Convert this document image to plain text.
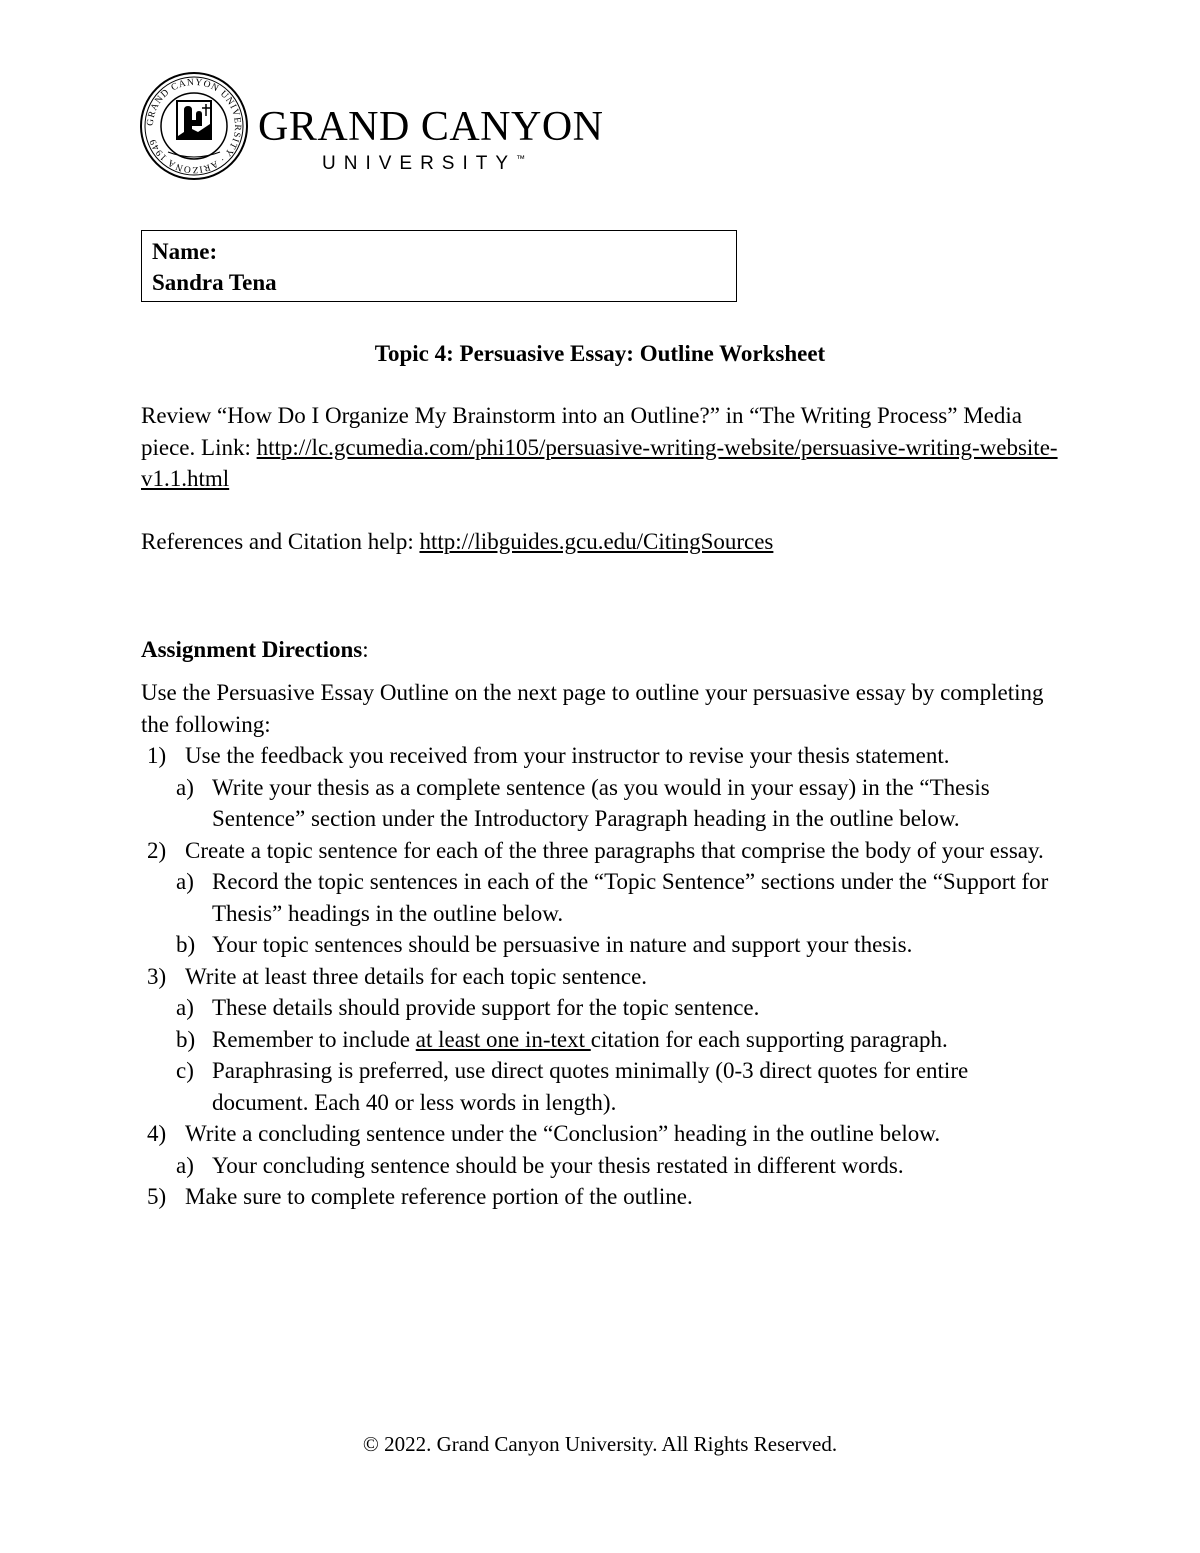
GRAND CANYON UNIVERSITY · ARIZONA 1949	GRAND CANYON
UNIVERSITY™
Name:
Sandra Tena
Topic 4: Persuasive Essay: Outline Worksheet
Review “How Do I Organize My Brainstorm into an Outline?” in “The Writing Process” Media piece. Link: http://lc.gcumedia.com/phi105/persuasive-writing-website/persuasive-writing-website-v1.1.html
References and Citation help: http://libguides.gcu.edu/CitingSources
Assignment Directions:
Use the Persuasive Essay Outline on the next page to outline your persuasive essay by completing the following:
1) Use the feedback you received from your instructor to revise your thesis statement.
a) Write your thesis as a complete sentence (as you would in your essay) in the “Thesis Sentence” section under the Introductory Paragraph heading in the outline below.
2) Create a topic sentence for each of the three paragraphs that comprise the body of your essay.
a) Record the topic sentences in each of the “Topic Sentence” sections under the “Support for Thesis” headings in the outline below.
b) Your topic sentences should be persuasive in nature and support your thesis.
3) Write at least three details for each topic sentence.
a) These details should provide support for the topic sentence.
b) Remember to include at least one in-text citation for each supporting paragraph.
c) Paraphrasing is preferred, use direct quotes minimally (0-3 direct quotes for entire document. Each 40 or less words in length).
4) Write a concluding sentence under the “Conclusion” heading in the outline below.
a) Your concluding sentence should be your thesis restated in different words.
5) Make sure to complete reference portion of the outline.
© 2022. Grand Canyon University. All Rights Reserved.
